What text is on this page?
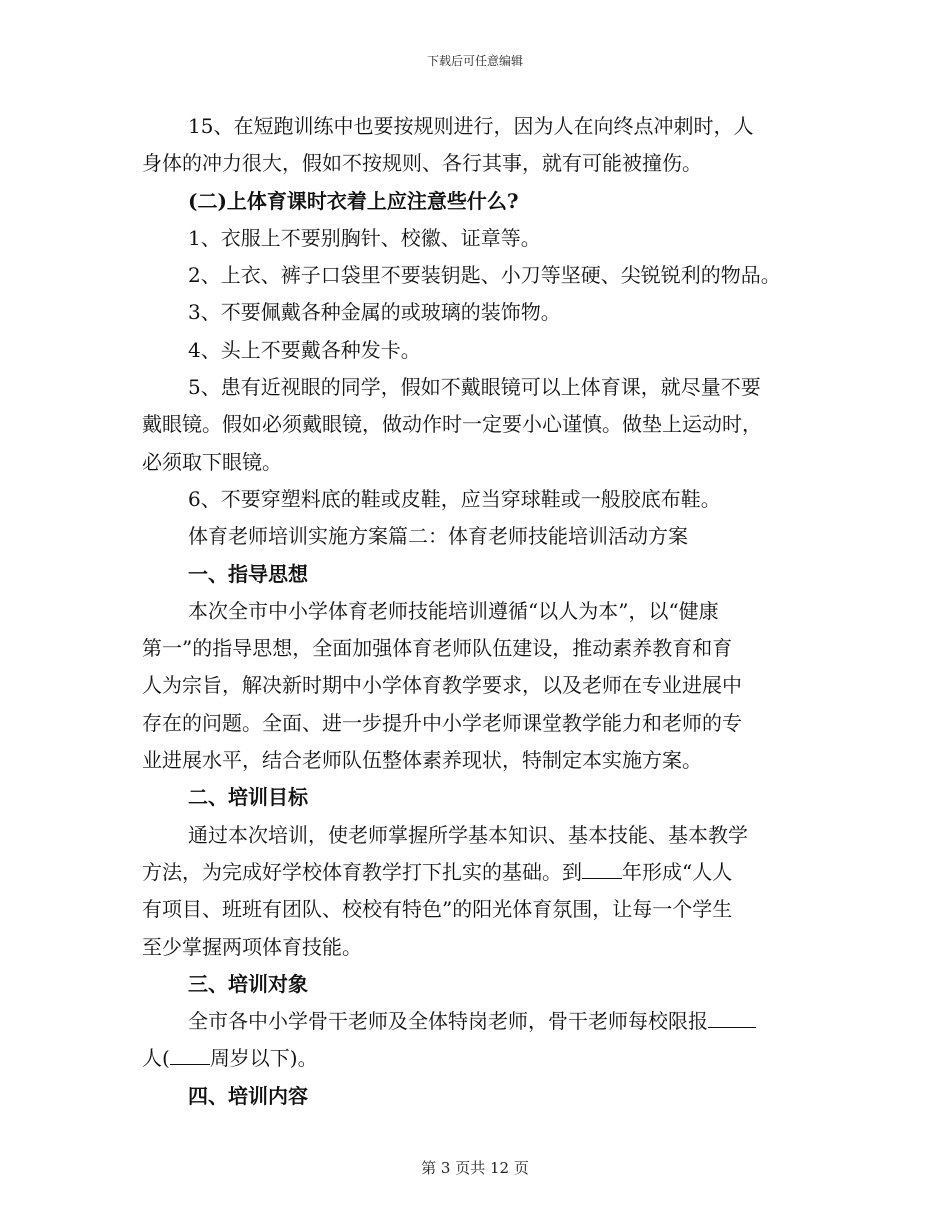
下载后可任意编辑

15、在短跑训练中也要按规则进行，因为人在向终点冲刺时，人

身体的冲力很大，假如不按规则、各行其事，就有可能被撞伤。

(二)上体育课时衣着上应注意些什么?

1、衣服上不要别胸针、校徽、证章等。

2、上衣、裤子口袋里不要装钥匙、小刀等坚硬、尖锐锐利的物品。

3、不要佩戴各种金属的或玻璃的装饰物。

4、头上不要戴各种发卡。

5、患有近视眼的同学，假如不戴眼镜可以上体育课，就尽量不要

戴眼镜。假如必须戴眼镜，做动作时一定要小心谨慎。做垫上运动时，

必须取下眼镜。

6、不要穿塑料底的鞋或皮鞋，应当穿球鞋或一般胶底布鞋。

体育老师培训实施方案篇二：体育老师技能培训活动方案

一、指导思想

本次全市中小学体育老师技能培训遵循“以人为本”，以“健康

第一”的指导思想，全面加强体育老师队伍建设，推动素养教育和育

人为宗旨，解决新时期中小学体育教学要求，以及老师在专业进展中

存在的问题。全面、进一步提升中小学老师课堂教学能力和老师的专

业进展水平，结合老师队伍整体素养现状，特制定本实施方案。

二、培训目标

通过本次培训，使老师掌握所学基本知识、基本技能、基本教学

方法，为完成好学校体育教学打下扎实的基础。到 年形成“人人

有项目、班班有团队、校校有特色”的阳光体育氛围，让每一个学生

至少掌握两项体育技能。

三、培训对象

全市各中小学骨干老师及全体特岗老师，骨干老师每校限报

人( 周岁以下)。

四、培训内容

第 3 页共 12 页
